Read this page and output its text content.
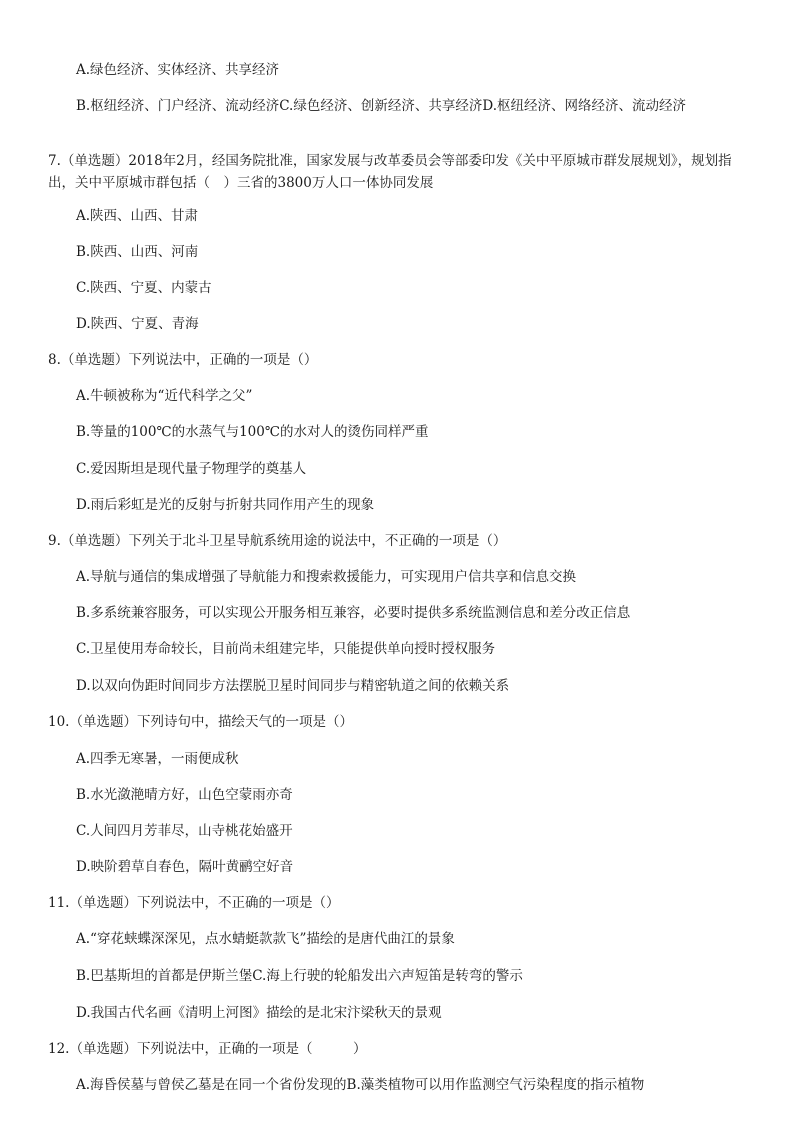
A.绿色经济、实体经济、共享经济
B.枢纽经济、门户经济、流动经济C.绿色经济、创新经济、共享经济D.枢纽经济、网络经济、流动经济
7.（单选题）2018年2月，经国务院批准，国家发展与改革委员会等部委印发《关中平原城市群发展规划》，规划指出，关中平原城市群包括（　）三省的3800万人口一体协同发展
A.陕西、山西、甘肃
B.陕西、山西、河南
C.陕西、宁夏、内蒙古
D.陕西、宁夏、青海
8.（单选题）下列说法中，正确的一项是（）
A.牛顿被称为“近代科学之父”
B.等量的100℃的水蒸气与100℃的水对人的烫伤同样严重
C.爱因斯坦是现代量子物理学的奠基人
D.雨后彩虹是光的反射与折射共同作用产生的现象
9.（单选题）下列关于北斗卫星导航系统用途的说法中，不正确的一项是（）
A.导航与通信的集成增强了导航能力和搜索救援能力，可实现用户信共享和信息交换
B.多系统兼容服务，可以实现公开服务相互兼容，必要时提供多系统监测信息和差分改正信息
C.卫星使用寿命较长，目前尚未组建完毕，只能提供单向授时授权服务
D.以双向伪距时间同步方法摆脱卫星时间同步与精密轨道之间的依赖关系
10.（单选题）下列诗句中，描绘天气的一项是（）
A.四季无寒暑，一雨便成秋
B.水光潋滟晴方好，山色空蒙雨亦奇
C.人间四月芳菲尽，山寺桃花始盛开
D.映阶碧草自春色，隔叶黄鹂空好音
11.（单选题）下列说法中，不正确的一项是（）
A.“穿花蛱蝶深深见，点水蜻蜓款款飞”描绘的是唐代曲江的景象
B.巴基斯坦的首都是伊斯兰堡C.海上行驶的轮船发出六声短笛是转弯的警示
D.我国古代名画《清明上河图》描绘的是北宋汴梁秋天的景观
12.（单选题）下列说法中，正确的一项是（　　　）
A.海昏侯墓与曾侯乙墓是在同一个省份发现的B.藻类植物可以用作监测空气污染程度的指示植物
